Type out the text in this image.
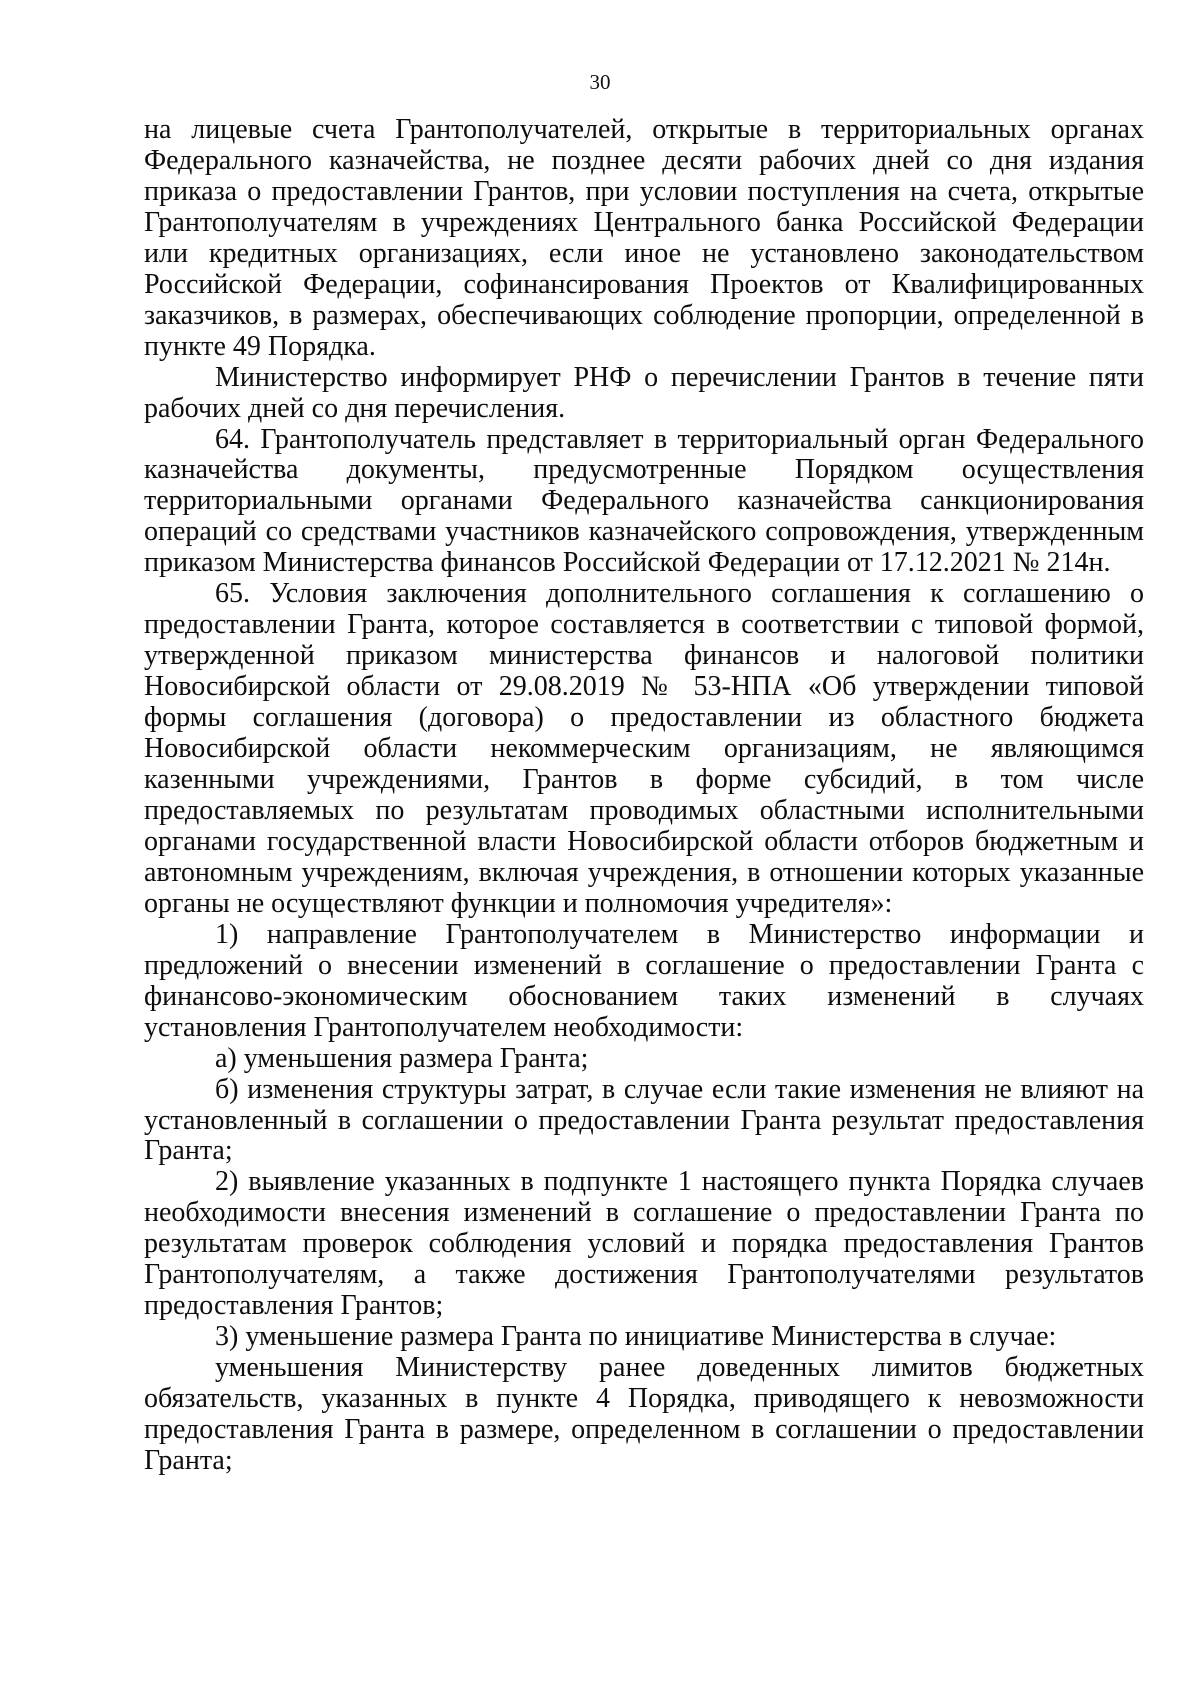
30

на лицевые счета Грантополучателей, открытые в территориальных органах Федерального казначейства, не позднее десяти рабочих дней со дня издания приказа о предоставлении Грантов, при условии поступления на счета, открытые Грантополучателям в учреждениях Центрального банка Российской Федерации или кредитных организациях, если иное не установлено законодательством Российской Федерации, софинансирования Проектов от Квалифицированных заказчиков, в размерах, обеспечивающих соблюдение пропорции, определенной в пункте 49 Порядка.

Министерство информирует РНФ о перечислении Грантов в течение пяти рабочих дней со дня перечисления.

64. Грантополучатель представляет в территориальный орган Федерального казначейства документы, предусмотренные Порядком осуществления территориальными органами Федерального казначейства санкционирования операций со средствами участников казначейского сопровождения, утвержденным приказом Министерства финансов Российской Федерации от 17.12.2021 № 214н.

65. Условия заключения дополнительного соглашения к соглашению о предоставлении Гранта, которое составляется в соответствии с типовой формой, утвержденной приказом министерства финансов и налоговой политики Новосибирской области от 29.08.2019 № 53-НПА «Об утверждении типовой формы соглашения (договора) о предоставлении из областного бюджета Новосибирской области некоммерческим организациям, не являющимся казенными учреждениями, Грантов в форме субсидий, в том числе предоставляемых по результатам проводимых областными исполнительными органами государственной власти Новосибирской области отборов бюджетным и автономным учреждениям, включая учреждения, в отношении которых указанные органы не осуществляют функции и полномочия учредителя»:

1) направление Грантополучателем в Министерство информации и предложений о внесении изменений в соглашение о предоставлении Гранта с финансово-экономическим обоснованием таких изменений в случаях установления Грантополучателем необходимости:

а) уменьшения размера Гранта;

б) изменения структуры затрат, в случае если такие изменения не влияют на установленный в соглашении о предоставлении Гранта результат предоставления Гранта;

2) выявление указанных в подпункте 1 настоящего пункта Порядка случаев необходимости внесения изменений в соглашение о предоставлении Гранта по результатам проверок соблюдения условий и порядка предоставления Грантов Грантополучателям, а также достижения Грантополучателями результатов предоставления Грантов;

3) уменьшение размера Гранта по инициативе Министерства в случае:

уменьшения Министерству ранее доведенных лимитов бюджетных обязательств, указанных в пункте 4 Порядка, приводящего к невозможности предоставления Гранта в размере, определенном в соглашении о предоставлении Гранта;
